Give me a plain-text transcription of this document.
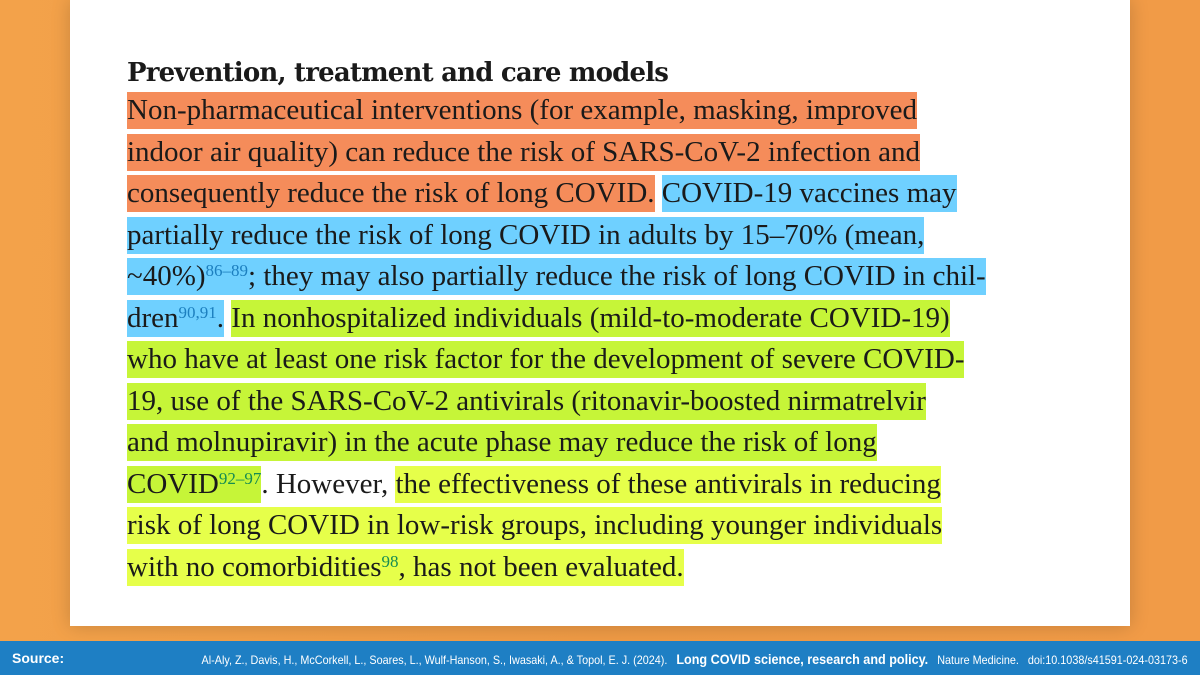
Prevention, treatment and care models
Non-pharmaceutical interventions (for example, masking, improved
indoor air quality) can reduce the risk of SARS-CoV-2 infection and
consequently reduce the risk of long COVID. COVID-19 vaccines may
partially reduce the risk of long COVID in adults by 15–70% (mean,
~40%)$^{86-89}$; they may also partially reduce the risk of long COVID in chil-
dren$^{90,91}$. In nonhospitalized individuals (mild-to-moderate COVID-19)
who have at least one risk factor for the development of severe COVID-
19, use of the SARS-CoV-2 antivirals (ritonavir-boosted nirmatrelvir
and molnupiravir) in the acute phase may reduce the risk of long
COVID$^{92-97}$. However, the effectiveness of these antivirals in reducing
risk of long COVID in low-risk groups, including younger individuals
with no comorbidities$^{98}$, has not been evaluated.
Source:	Al-Aly, Z., Davis, H., McCorkell, L., Soares, L., Wulf-Hanson, S., Iwasaki, A., & Topol, E. J. (2024). Long COVID science, research and policy. Nature Medicine. doi:10.1038/s41591-024-03173-6
